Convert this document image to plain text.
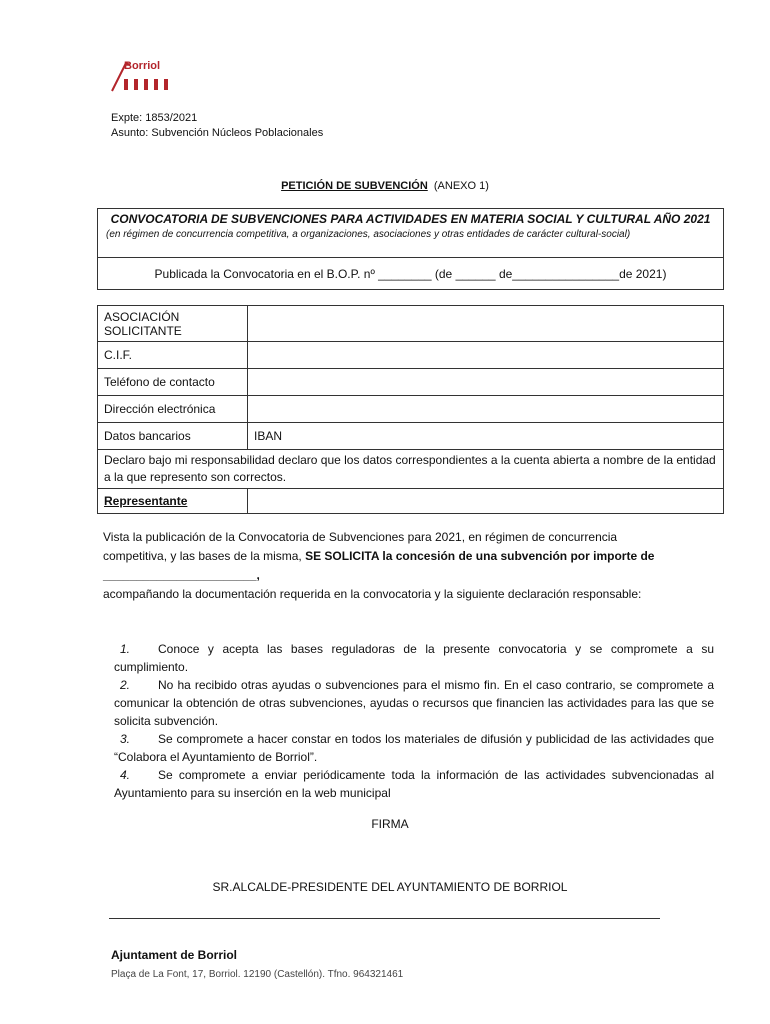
Borriol
Expte: 1853/2021
Asunto: Subvención Núcleos Poblacionales
PETICIÓN DE SUBVENCIÓN (ANEXO 1)

CONVOCATORIA DE SUBVENCIONES PARA ACTIVIDADES EN MATERIA SOCIAL Y CULTURAL AÑO 2021

(en régimen de concurrencia competitiva, a organizaciones, asociaciones y otras entidades de carácter cultural-social)

Publicada la Convocatoria en el B.O.P. nº ________ (de ______ de________________de 2021)
ASOCIACIÓN SOLICITANTE	
C.I.F.	
Teléfono de contacto	
Dirección electrónica	
Datos bancarios	IBAN
Declaro bajo mi responsabilidad declaro que los datos correspondientes a la cuenta abierta a nombre de la entidad a la que represento son correctos.	
Representante	
Vista la publicación de la Convocatoria de Subvenciones para 2021, en régimen de concurrencia competitiva, y las bases de la misma, SE SOLICITA la concesión de una subvención por importe de _______________________,
acompañando la documentación requerida en la convocatoria y la siguiente declaración responsable:

1. Conoce y acepta las bases reguladoras de la presente convocatoria y se compromete a su cumplimiento.

2. No ha recibido otras ayudas o subvenciones para el mismo fin. En el caso contrario, se compromete a comunicar la obtención de otras subvenciones, ayudas o recursos que financien las actividades para las que se solicita subvención.

3. Se compromete a hacer constar en todos los materiales de difusión y publicidad de las actividades que “Colabora el Ayuntamiento de Borriol”.

4. Se compromete a enviar periódicamente toda la información de las actividades subvencionadas al Ayuntamiento para su inserción en la web municipal

FIRMA
SR.ALCALDE-PRESIDENTE DEL AYUNTAMIENTO DE BORRIOL
Ajuntament de Borriol
Plaça de La Font, 17, Borriol. 12190 (Castellón). Tfno. 964321461
